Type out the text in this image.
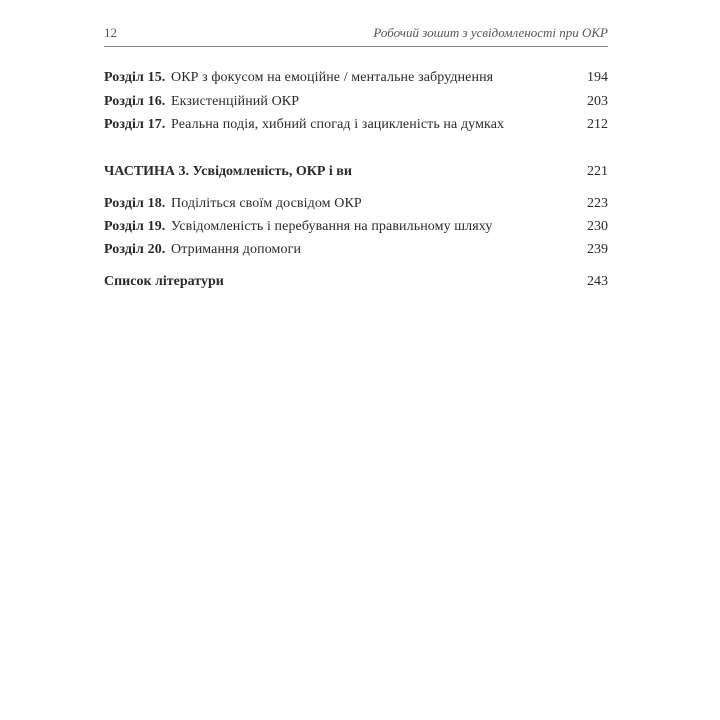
12	Робочий зошит з усвідомленості при ОКР
Розділ 15. ОКР з фокусом на емоційне / ментальне забруднення	194
Розділ 16. Екзистенційний ОКР	203
Розділ 17. Реальна подія, хибний спогад і зацикленість на думках	212
ЧАСТИНА 3. Усвідомленість, ОКР і ви	221
Розділ 18. Поділіться своїм досвідом ОКР	223
Розділ 19. Усвідомленість і перебування на правильному шляху	230
Розділ 20. Отримання допомоги	239
Список літератури	243
